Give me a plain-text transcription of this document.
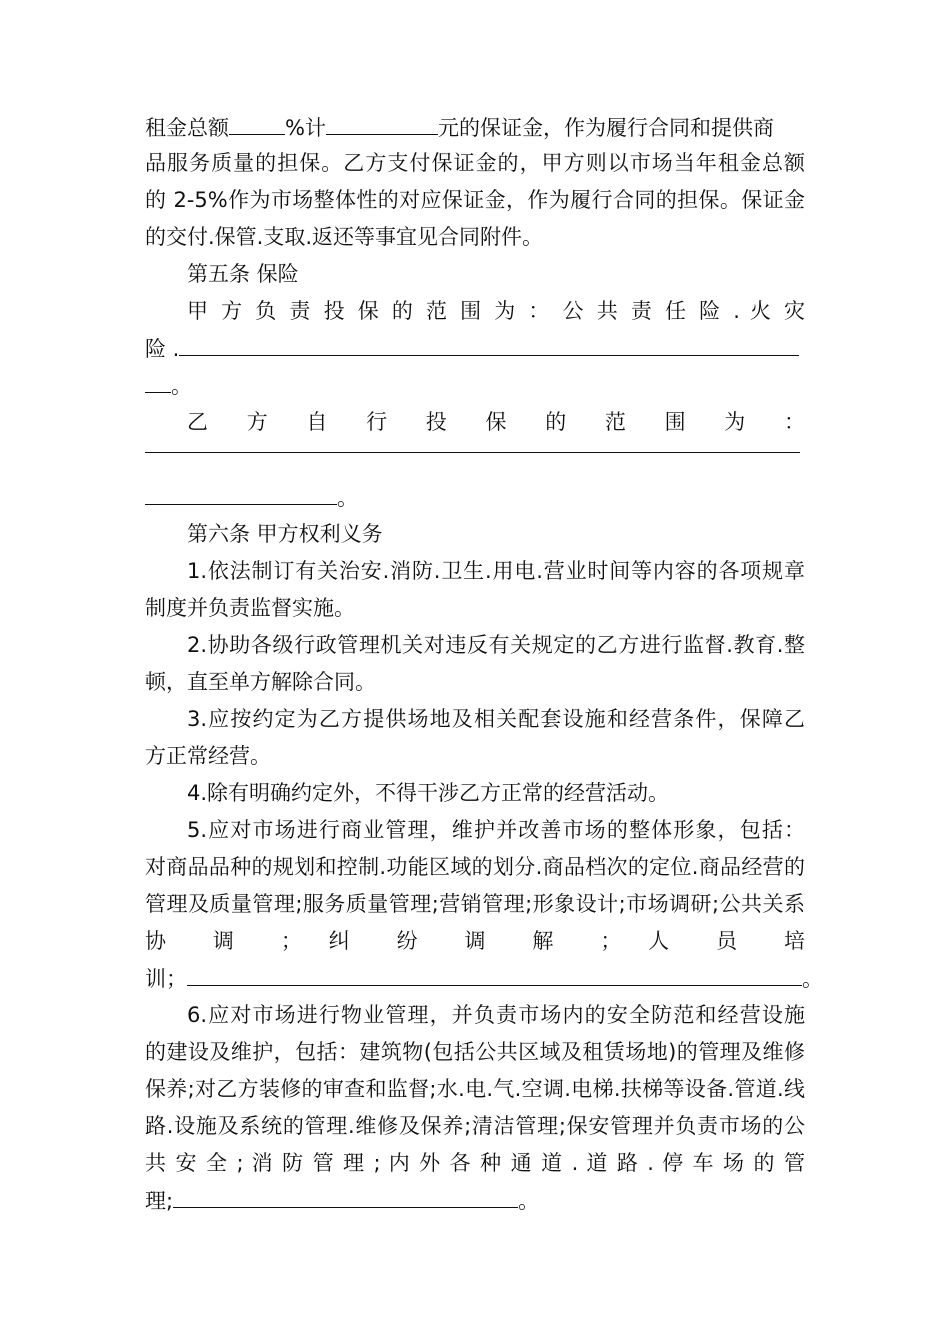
租金总额	%计	元的保证金，作为履行合同和提供商
品服务质量的担保。乙方支付保证金的，甲方则以市场当年租金总额
的 2-5%作为市场整体性的对应保证金，作为履行合同的担保。保证金
的交付.保管.支取.返还等事宜见合同附件。
第五条 保险
甲 方 负 责 投 保 的 范 围 为 ： 公 共 责 任 险 . 火 灾
险 .
。
乙 方 自 行 投 保 的 范 围 为 ：
。
第六条 甲方权利义务
1.依法制订有关治安.消防.卫生.用电.营业时间等内容的各项规章
制度并负责监督实施。
2.协助各级行政管理机关对违反有关规定的乙方进行监督.教育.整
顿，直至单方解除合同。
3.应按约定为乙方提供场地及相关配套设施和经营条件，保障乙
方正常经营。
4.除有明确约定外，不得干涉乙方正常的经营活动。
5.应对市场进行商业管理，维护并改善市场的整体形象，包括：
对商品品种的规划和控制.功能区域的划分.商品档次的定位.商品经营的
管理及质量管理;服务质量管理;营销管理;形象设计;市场调研;公共关系
协 调 ； 纠 纷 调 解 ； 人 员 培
训；	。
6.应对市场进行物业管理，并负责市场内的安全防范和经营设施
的建设及维护，包括：建筑物(包括公共区域及租赁场地)的管理及维修
保养;对乙方装修的审查和监督;水.电.气.空调.电梯.扶梯等设备.管道.线
路.设施及系统的管理.维修及保养;清洁管理;保安管理并负责市场的公
共 安 全 ; 消 防 管 理 ; 内 外 各 种 通 道 . 道 路 . 停 车 场 的 管
理;	。
